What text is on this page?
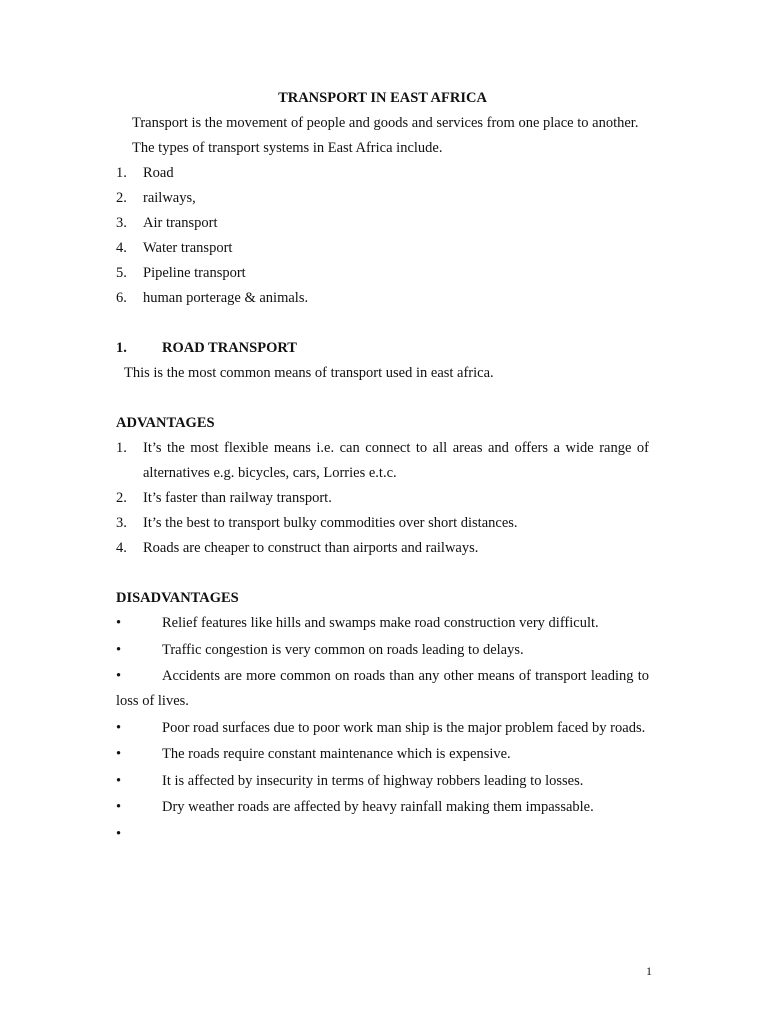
TRANSPORT IN EAST AFRICA

Transport is the movement of people and goods and services from one place to another.

The types of transport systems in East Africa include.

1. Road
2. railways,
3. Air transport
4. Water transport
5. Pipeline transport
6. human porterage & animals.

1. ROAD TRANSPORT

This is the most common means of transport used in east africa.

ADVANTAGES

1. It’s the most flexible means i.e. can connect to all areas and offers a wide range of alternatives e.g. bicycles, cars, Lorries e.t.c.
2. It’s faster than railway transport.
3. It’s the best to transport bulky commodities over short distances.
4. Roads are cheaper to construct than airports and railways.

DISADVANTAGES

•Relief features like hills and swamps make road construction very difficult.
•Traffic congestion is very common on roads leading to delays.
•Accidents are more common on roads than any other means of transport leading to loss of lives.
•Poor road surfaces due to poor work man ship is the major problem faced by roads.
•The roads require constant maintenance which is expensive.
•It is affected by insecurity in terms of highway robbers leading to losses.
•Dry weather roads are affected by heavy rainfall making them impassable.
•
1
